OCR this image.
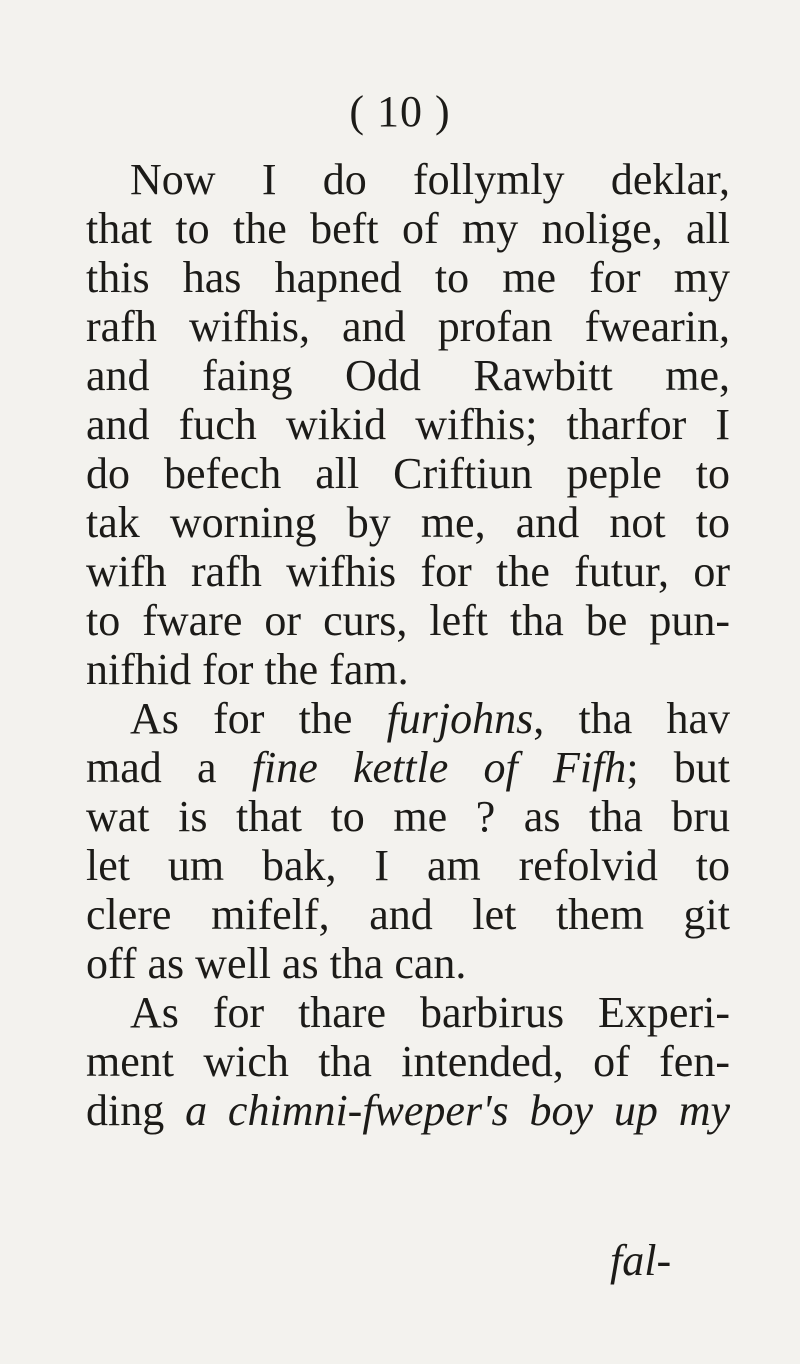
( 10 )
Now I do follymly deklar,
that to the beft of my nolige, all
this has hapned to me for my
rafh wifhis, and profan fwearin,
and faing Odd Rawbitt me,
and fuch wikid wifhis; tharfor I
do befech all Criftiun peple to
tak worning by me, and not to
wifh rafh wifhis for the futur, or
to fware or curs, left tha be pun-
nifhid for the fam.
As for the furjohns, tha hav
mad a fine kettle of Fifh; but
wat is that to me ? as tha bru
let um bak, I am refolvid to
clere mifelf, and let them git
off as well as tha can.
As for thare barbirus Experi-
ment wich tha intended, of fen-
ding a chimni-fweper's boy up my
fal-
